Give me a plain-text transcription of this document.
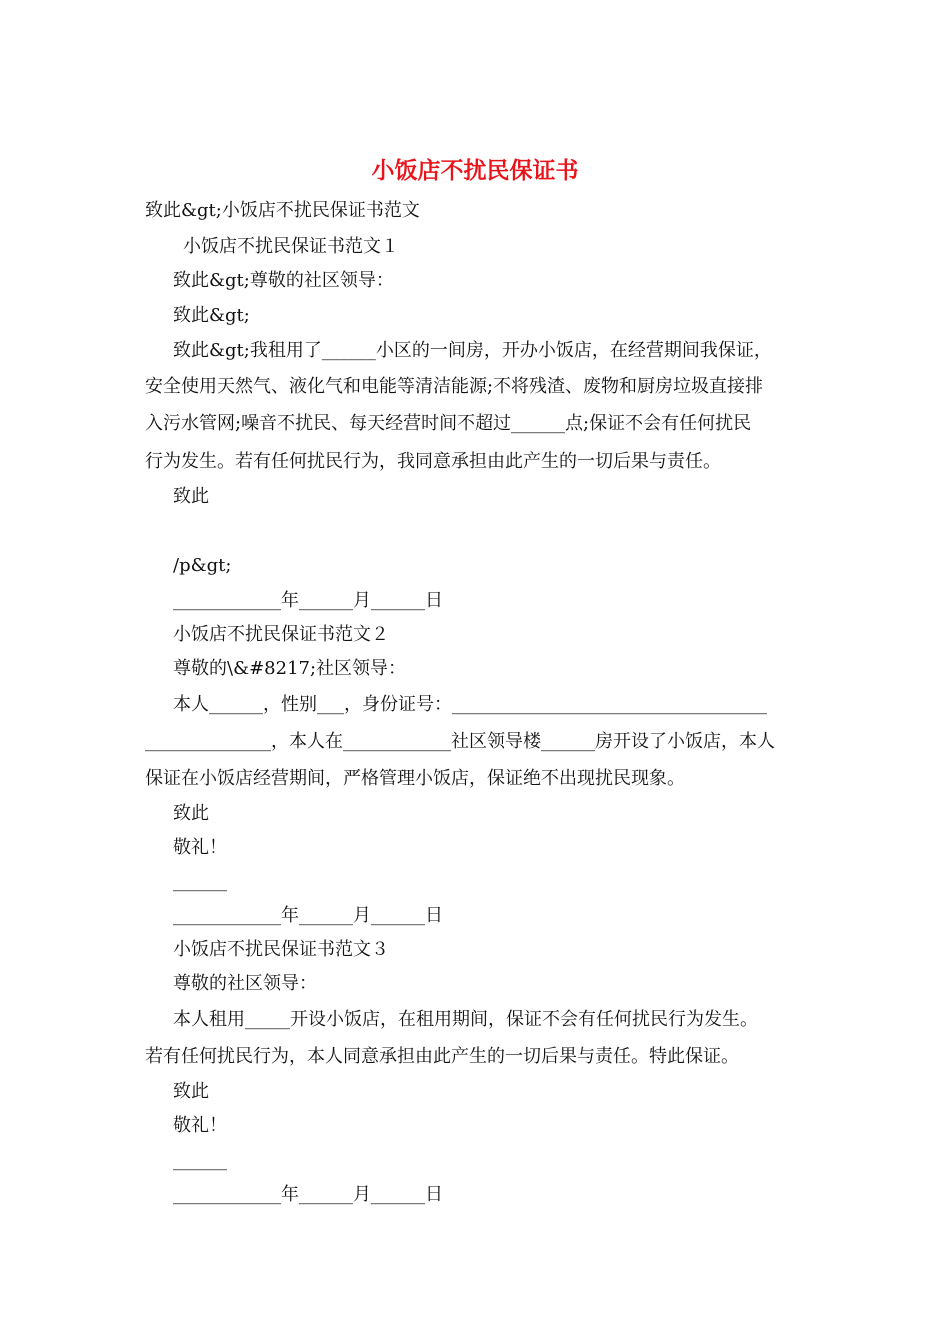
小饭店不扰民保证书
致此&gt;小饭店不扰民保证书范文
小饭店不扰民保证书范文１
致此&gt;尊敬的社区领导：
致此&gt;
致此&gt;我租用了______小区的一间房，开办小饭店，在经营期间我保证，
安全使用天然气、液化气和电能等清洁能源;不将残渣、废物和厨房垃圾直接排
入污水管网;噪音不扰民、每天经营时间不超过______点;保证不会有任何扰民
行为发生。若有任何扰民行为，我同意承担由此产生的一切后果与责任。
致此
/p&gt;
____________年______月______日
小饭店不扰民保证书范文２
尊敬的\&#8217;社区领导：
本人______，性别___，身份证号：___________________________________
______________，本人在____________社区领导楼______房开设了小饭店，本人
保证在小饭店经营期间，严格管理小饭店，保证绝不出现扰民现象。
致此
敬礼！
______
____________年______月______日
小饭店不扰民保证书范文３
尊敬的社区领导：
本人租用_____开设小饭店，在租用期间，保证不会有任何扰民行为发生。
若有任何扰民行为，本人同意承担由此产生的一切后果与责任。特此保证。
致此
敬礼！
______
____________年______月______日
